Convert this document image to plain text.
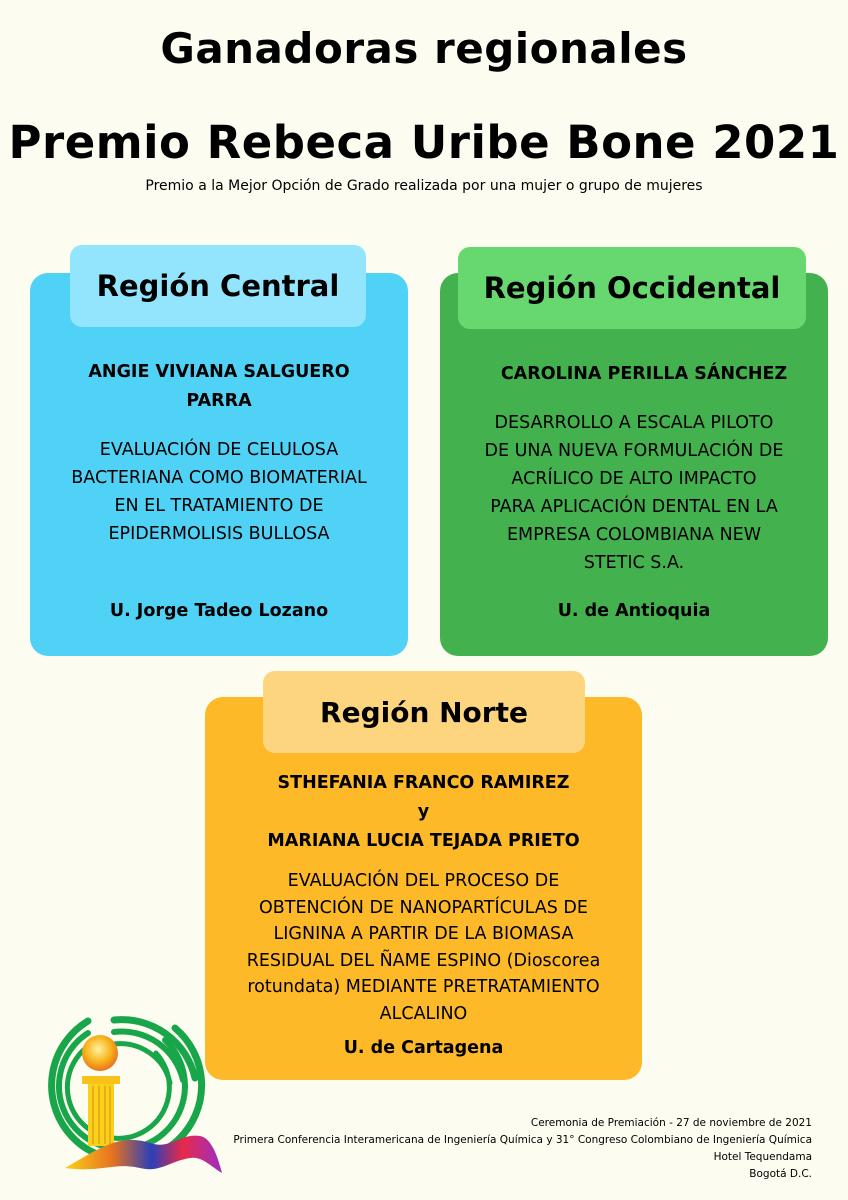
Ganadoras regionales
Premio Rebeca Uribe Bone 2021
Premio a la Mejor Opción de Grado realizada por una mujer o grupo de mujeres
Región Central
ANGIE VIVIANA SALGUERO
PARRA
EVALUACIÓN DE CELULOSA
BACTERIANA COMO BIOMATERIAL
EN EL TRATAMIENTO DE
EPIDERMOLISIS BULLOSA
U. Jorge Tadeo Lozano
Región Occidental
CAROLINA PERILLA SÁNCHEZ
DESARROLLO A ESCALA PILOTO
DE UNA NUEVA FORMULACIÓN DE
ACRÍLICO DE ALTO IMPACTO
PARA APLICACIÓN DENTAL EN LA
EMPRESA COLOMBIANA NEW
STETIC S.A.
U. de Antioquia
Región Norte
STHEFANIA FRANCO RAMIREZ
y
MARIANA LUCIA TEJADA PRIETO
EVALUACIÓN DEL PROCESO DE
OBTENCIÓN DE NANOPARTÍCULAS DE
LIGNINA A PARTIR DE LA BIOMASA
RESIDUAL DEL ÑAME ESPINO (Dioscorea
rotundata) MEDIANTE PRETRATAMIENTO
ALCALINO
U. de Cartagena
Ceremonia de Premiación - 27 de noviembre de 2021
Primera Conferencia Interamericana de Ingeniería Química y 31° Congreso Colombiano de Ingeniería Química
Hotel Tequendama
Bogotá D.C.
